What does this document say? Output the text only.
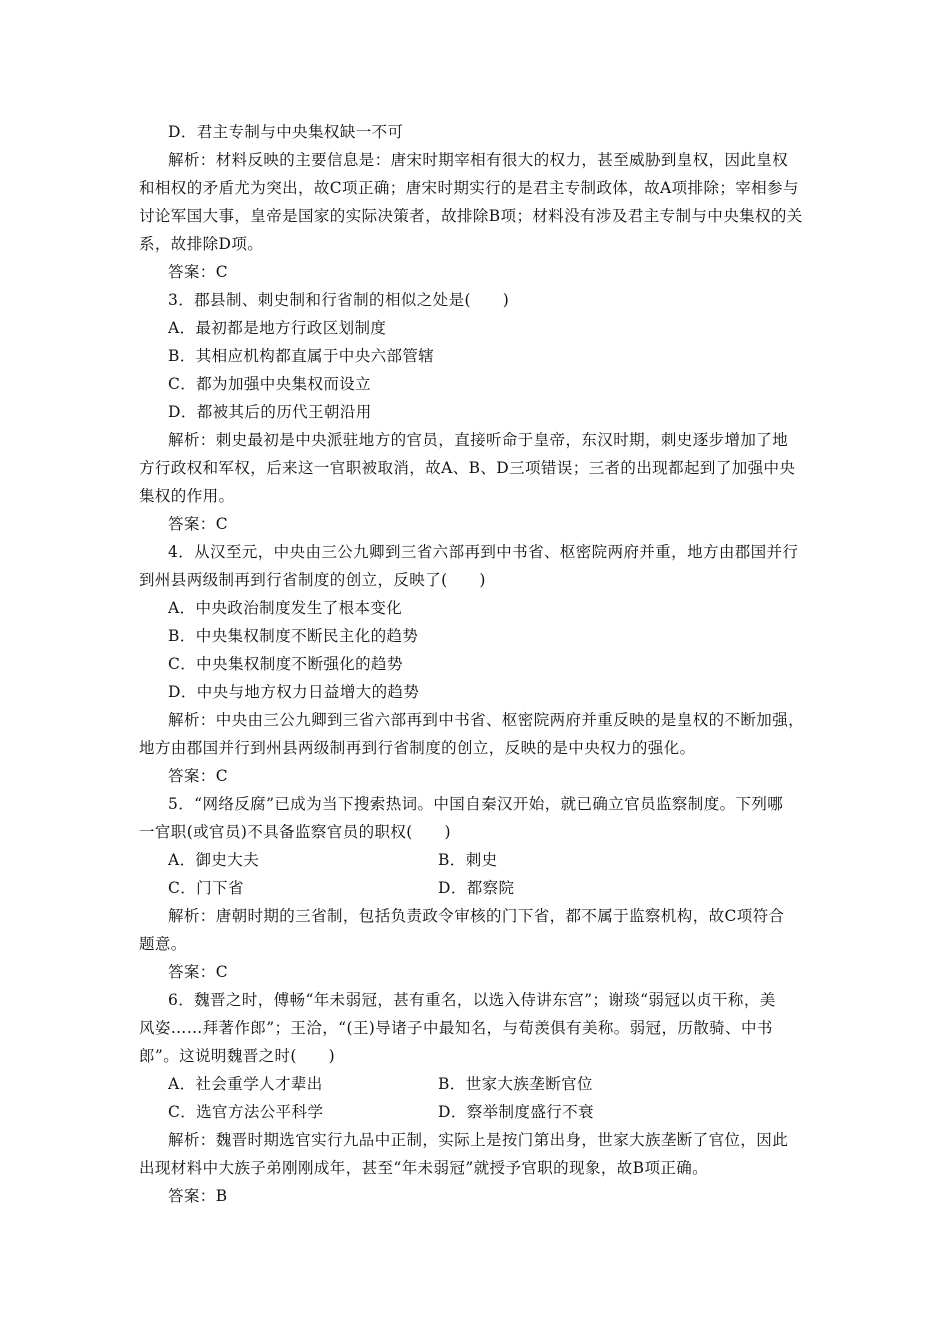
D．君主专制与中央集权缺一不可
解析：材料反映的主要信息是：唐宋时期宰相有很大的权力，甚至威胁到皇权，因此皇权
和相权的矛盾尤为突出，故C项正确；唐宋时期实行的是君主专制政体，故A项排除；宰相参与
讨论军国大事，皇帝是国家的实际决策者，故排除B项；材料没有涉及君主专制与中央集权的关
系，故排除D项。
答案：C
3．郡县制、刺史制和行省制的相似之处是(　　)
A．最初都是地方行政区划制度
B．其相应机构都直属于中央六部管辖
C．都为加强中央集权而设立
D．都被其后的历代王朝沿用
解析：刺史最初是中央派驻地方的官员，直接听命于皇帝，东汉时期，刺史逐步增加了地
方行政权和军权，后来这一官职被取消，故A、B、D三项错误；三者的出现都起到了加强中央
集权的作用。
答案：C
4．从汉至元，中央由三公九卿到三省六部再到中书省、枢密院两府并重，地方由郡国并行
到州县两级制再到行省制度的创立，反映了(　　)
A．中央政治制度发生了根本变化
B．中央集权制度不断民主化的趋势
C．中央集权制度不断强化的趋势
D．中央与地方权力日益增大的趋势
解析：中央由三公九卿到三省六部再到中书省、枢密院两府并重反映的是皇权的不断加强，
地方由郡国并行到州县两级制再到行省制度的创立，反映的是中央权力的强化。
答案：C
5．“网络反腐”已成为当下搜索热词。中国自秦汉开始，就已确立官员监察制度。下列哪
一官职(或官员)不具备监察官员的职权(　　)
A．御史大夫	B．刺史
C．门下省	D．都察院
解析：唐朝时期的三省制，包括负责政令审核的门下省，都不属于监察机构，故C项符合
题意。
答案：C
6．魏晋之时，傅畅“年未弱冠，甚有重名，以选入侍讲东宫”；谢琰“弱冠以贞干称，美
风姿……拜著作郎”；王洽，“(王)导诸子中最知名，与荀羡俱有美称。弱冠，历散骑、中书
郎”。这说明魏晋之时(　　)
A．社会重学人才辈出	B．世家大族垄断官位
C．选官方法公平科学	D．察举制度盛行不衰
解析：魏晋时期选官实行九品中正制，实际上是按门第出身，世家大族垄断了官位，因此
出现材料中大族子弟刚刚成年，甚至“年未弱冠”就授予官职的现象，故B项正确。
答案：B
